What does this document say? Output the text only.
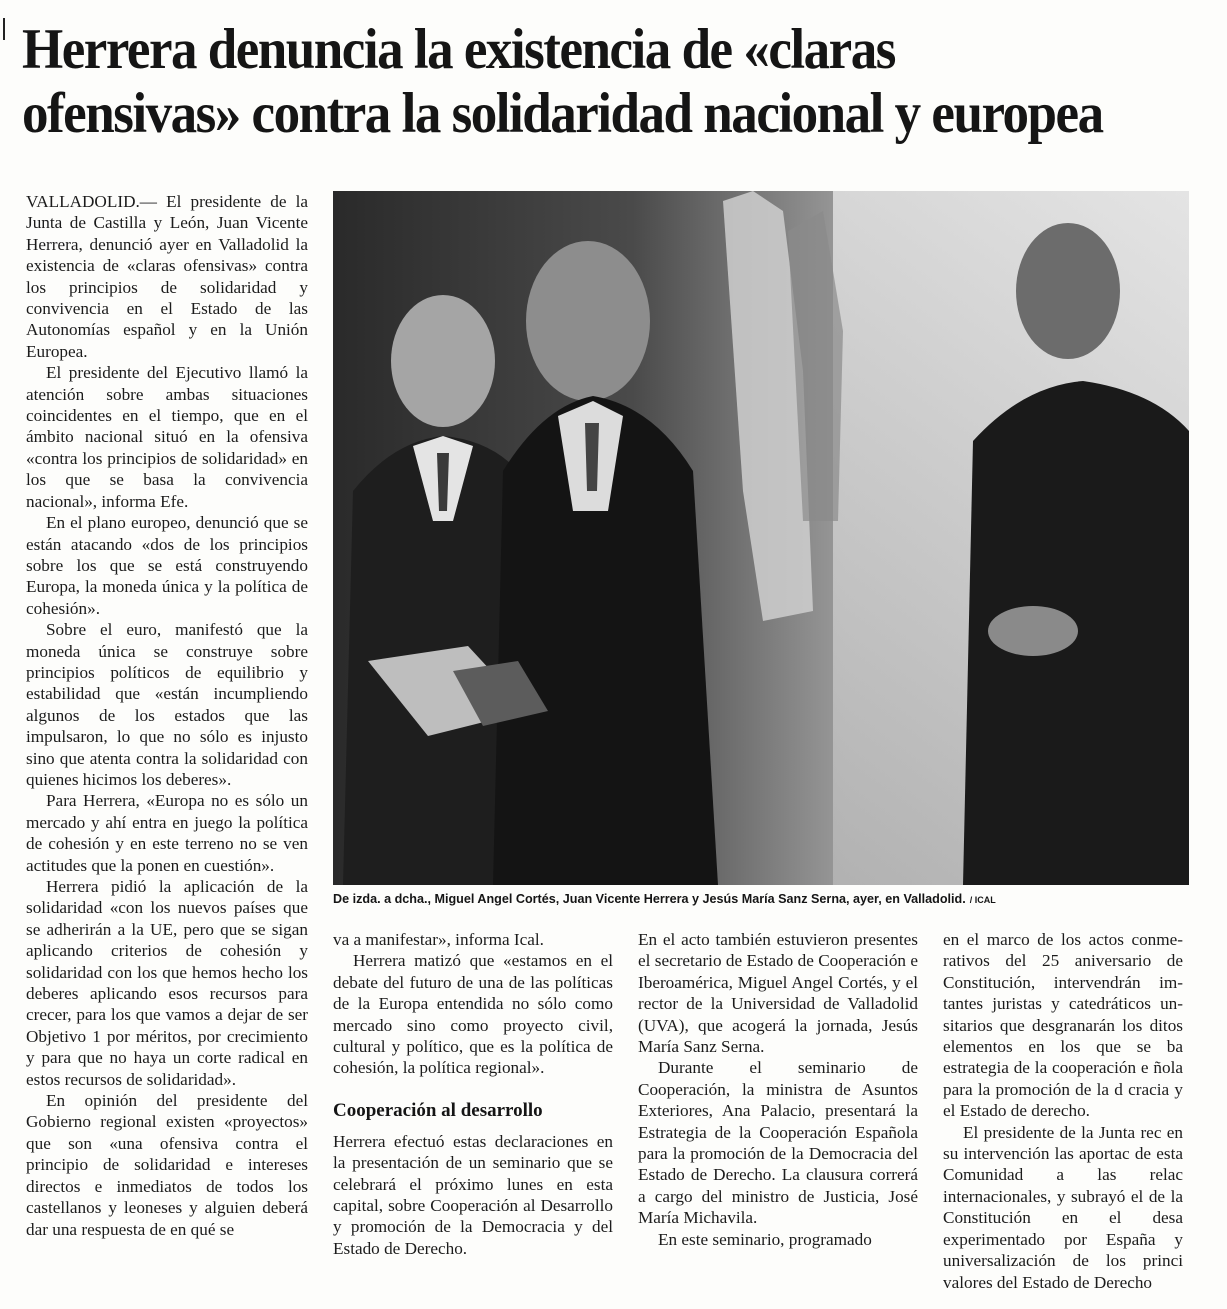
Herrera denuncia la existencia de «claras
ofensivas» contra la solidaridad nacional y europea

VALLADOLID.— El presidente de la Junta de Castilla y León, Juan Vicente Herrera, denunció ayer en Valladolid la existencia de «claras ofensivas» contra los principios de solidaridad y convivencia en el Estado de las Autonomías español y en la Unión Europea.

El presidente del Ejecutivo llamó la atención sobre ambas situaciones coincidentes en el tiempo, que en el ámbito nacional situó en la ofensiva «contra los principios de solidaridad» en los que se basa la convivencia nacional», informa Efe.

En el plano europeo, denunció que se están atacando «dos de los principios sobre los que se está construyendo Europa, la moneda única y la política de cohesión».

Sobre el euro, manifestó que la moneda única se construye sobre principios políticos de equilibrio y estabilidad que «están incumpliendo algunos de los estados que las impulsaron, lo que no sólo es injusto sino que atenta contra la solidaridad con quienes hicimos los deberes».

Para Herrera, «Europa no es sólo un mercado y ahí entra en juego la política de cohesión y en este terreno no se ven actitudes que la ponen en cuestión».

Herrera pidió la aplicación de la solidaridad «con los nuevos países que se adherirán a la UE, pero que se sigan aplicando criterios de cohesión y solidaridad con los que hemos hecho los deberes aplicando esos recursos para crecer, para los que vamos a dejar de ser Objetivo 1 por méritos, por crecimiento y para que no haya un corte radical en estos recursos de solidaridad».

En opinión del presidente del Gobierno regional existen «proyectos» que son «una ofensiva contra el principio de solidaridad e intereses directos e inmediatos de todos los castellanos y leoneses y alguien deberá dar una respuesta de en qué se

De izda. a dcha., Miguel Angel Cortés, Juan Vicente Herrera y Jesús María Sanz Serna, ayer, en Valladolid. / ICAL

va a manifestar», informa Ical.

Herrera matizó que «estamos en el debate del futuro de una de las políticas de la Europa entendida no sólo como mercado sino como proyecto civil, cultural y político, que es la política de cohesión, la política regional».

Cooperación al desarrollo

Herrera efectuó estas declaraciones en la presentación de un seminario que se celebrará el próximo lunes en esta capital, sobre Cooperación al Desarrollo y promoción de la Democracia y del Estado de Derecho.

En el acto también estuvieron presentes el secretario de Estado de Cooperación e Iberoamérica, Miguel Angel Cortés, y el rector de la Universidad de Valladolid (UVA), que acogerá la jornada, Jesús María Sanz Serna.

Durante el seminario de Cooperación, la ministra de Asuntos Exteriores, Ana Palacio, presentará la Estrategia de la Cooperación Española para la promoción de la Democracia del Estado de Derecho. La clausura correrá a cargo del ministro de Justicia, José María Michavila.

En este seminario, programado

en el marco de los actos conmerativos del 25 aniversario de Constitución, intervendrán imtantes juristas y catedráticos unsitarios que desgranarán los ditos elementos en los que se ba estrategia de la cooperación e ñola para la promoción de la d cracia y el Estado de derecho.

El presidente de la Junta rec en su intervención las aportac de esta Comunidad a las relac internacionales, y subrayó el de la Constitución en el desa experimentado por España y universalización de los princi valores del Estado de Derecho
